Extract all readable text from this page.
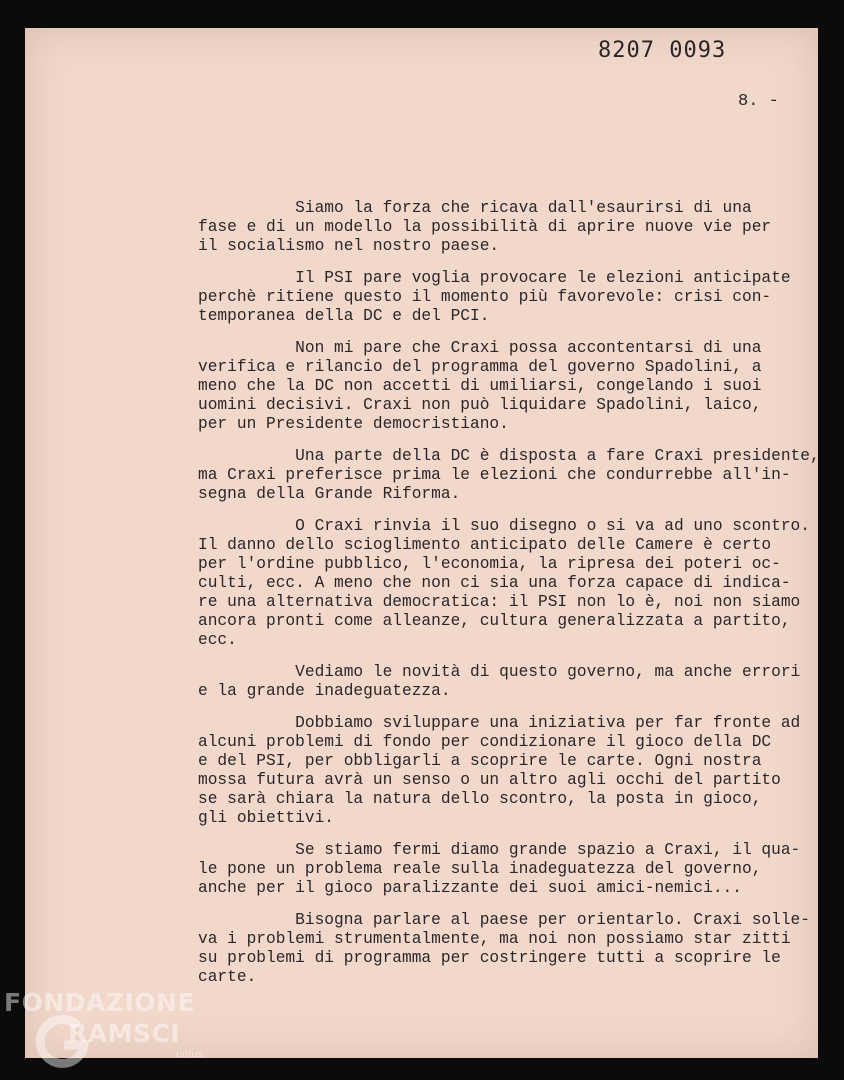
8207 0093
8. -
Siamo la forza che ricava dall'esaurirsi di una
fase e di un modello la possibilità di aprire nuove vie per
il socialismo nel nostro paese.
Il PSI pare voglia provocare le elezioni anticipate
perchè ritiene questo il momento più favorevole: crisi con-
temporanea della DC e del PCI.
Non mi pare che Craxi possa accontentarsi di una
verifica e rilancio del programma del governo Spadolini, a
meno che la DC non accetti di umiliarsi, congelando i suoi
uomini decisivi. Craxi non può liquidare Spadolini, laico,
per un Presidente democristiano.
Una parte della DC è disposta a fare Craxi presidente,
ma Craxi preferisce prima le elezioni che condurrebbe all'in-
segna della Grande Riforma.
O Craxi rinvia il suo disegno o si va ad uno scontro.
Il danno dello scioglimento anticipato delle Camere è certo
per l'ordine pubblico, l'economia, la ripresa dei poteri oc-
culti, ecc. A meno che non ci sia una forza capace di indica-
re una alternativa democratica: il PSI non lo è, noi non siamo
ancora pronti come alleanze, cultura generalizzata a partito,
ecc.
Vediamo le novità di questo governo, ma anche errori
e la grande inadeguatezza.
Dobbiamo sviluppare una iniziativa per far fronte ad
alcuni problemi di fondo per condizionare il gioco della DC
e del PSI, per obbligarli a scoprire le carte. Ogni nostra
mossa futura avrà un senso o un altro agli occhi del partito
se sarà chiara la natura dello scontro, la posta in gioco,
gli obiettivi.
Se stiamo fermi diamo grande spazio a Craxi, il qua-
le pone un problema reale sulla inadeguatezza del governo,
anche per il gioco paralizzante dei suoi amici-nemici...
Bisogna parlare al paese per orientarlo. Craxi solle-
va i problemi strumentalmente, ma noi non possiamo star zitti
su problemi di programma per costringere tutti a scoprire le
carte.
FONDAZIONE
RAMSCI
onlus
